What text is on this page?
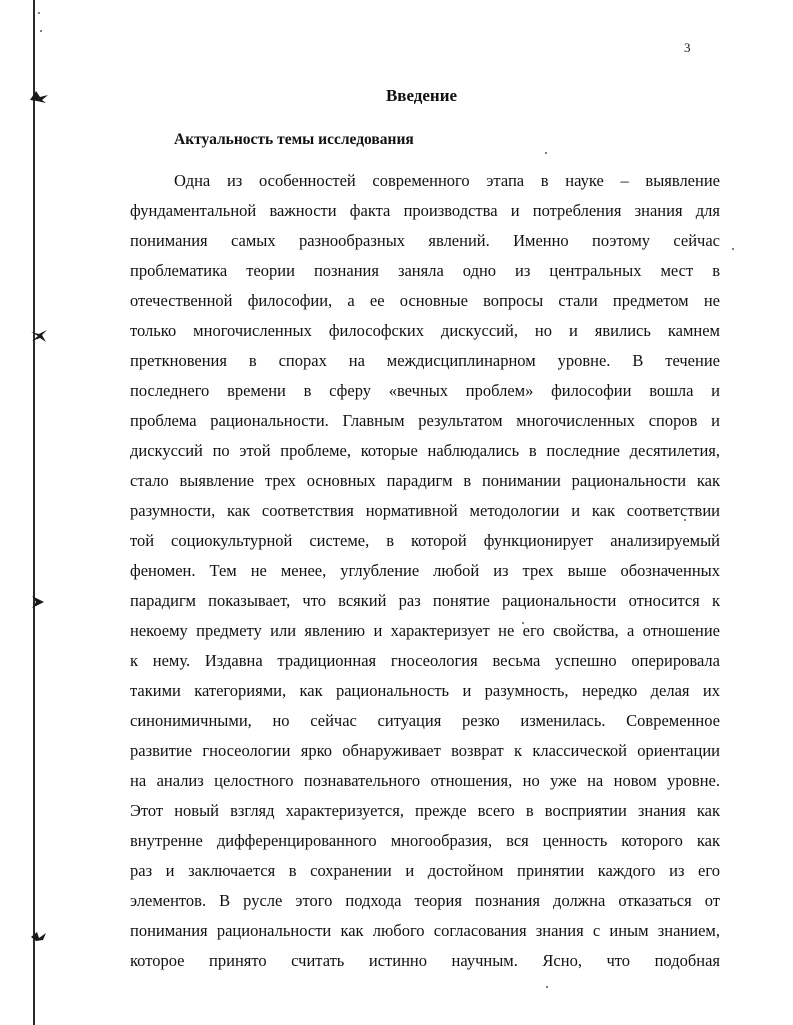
3
Введение
Актуальность темы исследования
Одна из особенностей современного этапа в науке – выявление
фундаментальной важности факта производства и потребления знания для
понимания самых разнообразных явлений. Именно поэтому сейчас
проблематика теории познания заняла одно из центральных мест в
отечественной философии, а ее основные вопросы стали предметом не
только многочисленных философских дискуссий, но и явились камнем
преткновения в спорах на междисциплинарном уровне. В течение
последнего времени в сферу «вечных проблем» философии вошла и
проблема рациональности. Главным результатом многочисленных споров и
дискуссий по этой проблеме, которые наблюдались в последние десятилетия,
стало выявление трех основных парадигм в понимании рациональности как
разумности, как соответствия нормативной методологии и как соответствии
той социокультурной системе, в которой функционирует анализируемый
феномен. Тем не менее, углубление любой из трех выше обозначенных
парадигм показывает, что всякий раз понятие рациональности относится к
некоему предмету или явлению и характеризует не его свойства, а отношение
к нему. Издавна традиционная гносеология весьма успешно оперировала
такими категориями, как рациональность и разумность, нередко делая их
синонимичными, но сейчас ситуация резко изменилась. Современное
развитие гносеологии ярко обнаруживает возврат к классической ориентации
на анализ целостного познавательного отношения, но уже на новом уровне.
Этот новый взгляд характеризуется, прежде всего в восприятии знания как
внутренне дифференцированного многообразия, вся ценность которого как
раз и заключается в сохранении и достойном принятии каждого из его
элементов. В русле этого подхода теория познания должна отказаться от
понимания рациональности как любого согласования знания с иным знанием,
которое принято считать истинно научным. Ясно, что подобная
